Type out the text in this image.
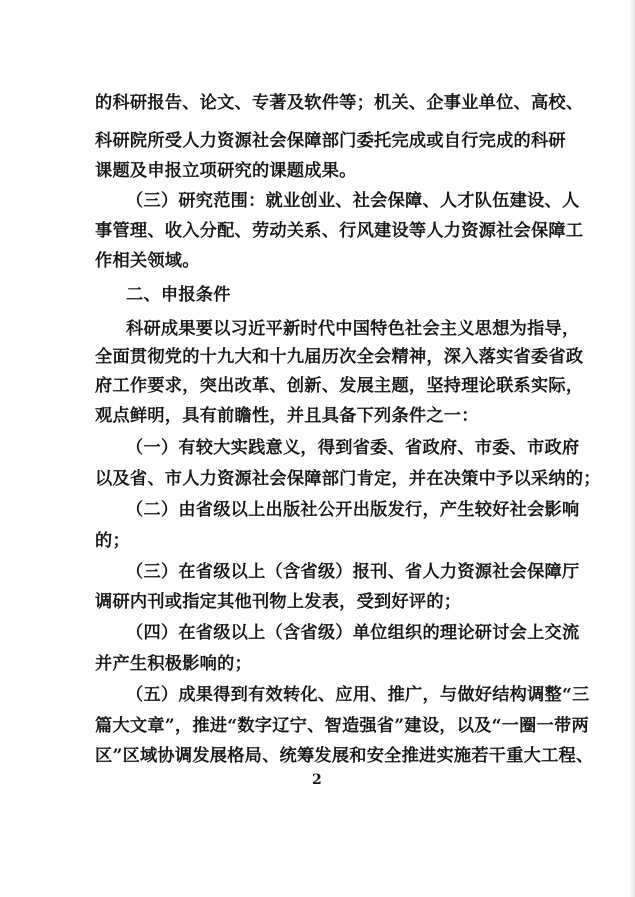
的科研报告、论文、专著及软件等；机关、企事业单位、高校、
科研院所受人力资源社会保障部门委托完成或自行完成的科研
课题及申报立项研究的课题成果。
（三）研究范围：就业创业、社会保障、人才队伍建设、人
事管理、收入分配、劳动关系、行风建设等人力资源社会保障工
作相关领域。
二、申报条件
科研成果要以习近平新时代中国特色社会主义思想为指导，
全面贯彻党的十九大和十九届历次全会精神，深入落实省委省政
府工作要求，突出改革、创新、发展主题，坚持理论联系实际，
观点鲜明，具有前瞻性，并且具备下列条件之一：
（一）有较大实践意义，得到省委、省政府、市委、市政府
以及省、市人力资源社会保障部门肯定，并在决策中予以采纳的；
（二）由省级以上出版社公开出版发行，产生较好社会影响
的；
（三）在省级以上（含省级）报刊、省人力资源社会保障厅
调研内刊或指定其他刊物上发表，受到好评的；
（四）在省级以上（含省级）单位组织的理论研讨会上交流
并产生积极影响的；
（五）成果得到有效转化、应用、推广，与做好结构调整“三
篇大文章”，推进“数字辽宁、智造强省”建设，以及“一圈一带两
区”区域协调发展格局、统筹发展和安全推进实施若干重大工程、
2
